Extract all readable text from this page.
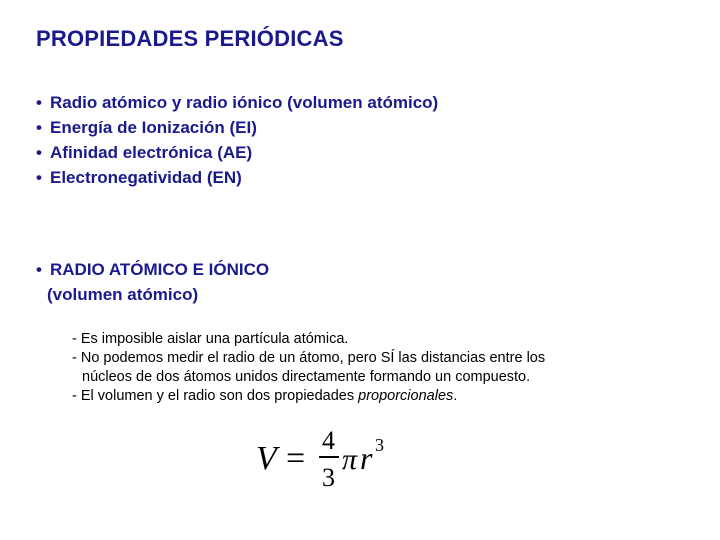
PROPIEDADES PERIÓDICAS
• Radio atómico y radio iónico (volumen atómico)
• Energía de Ionización (EI)
• Afinidad electrónica (AE)
• Electronegatividad (EN)
• RADIO ATÓMICO E IÓNICO
(volumen atómico)
- Es imposible aislar una partícula atómica.
- No podemos medir el radio de un átomo, pero SÍ las distancias entre los
núcleos de dos átomos unidos directamente formando un compuesto.
- El volumen y el radio son dos propiedades proporcionales.
V = 4
3
π r 3
